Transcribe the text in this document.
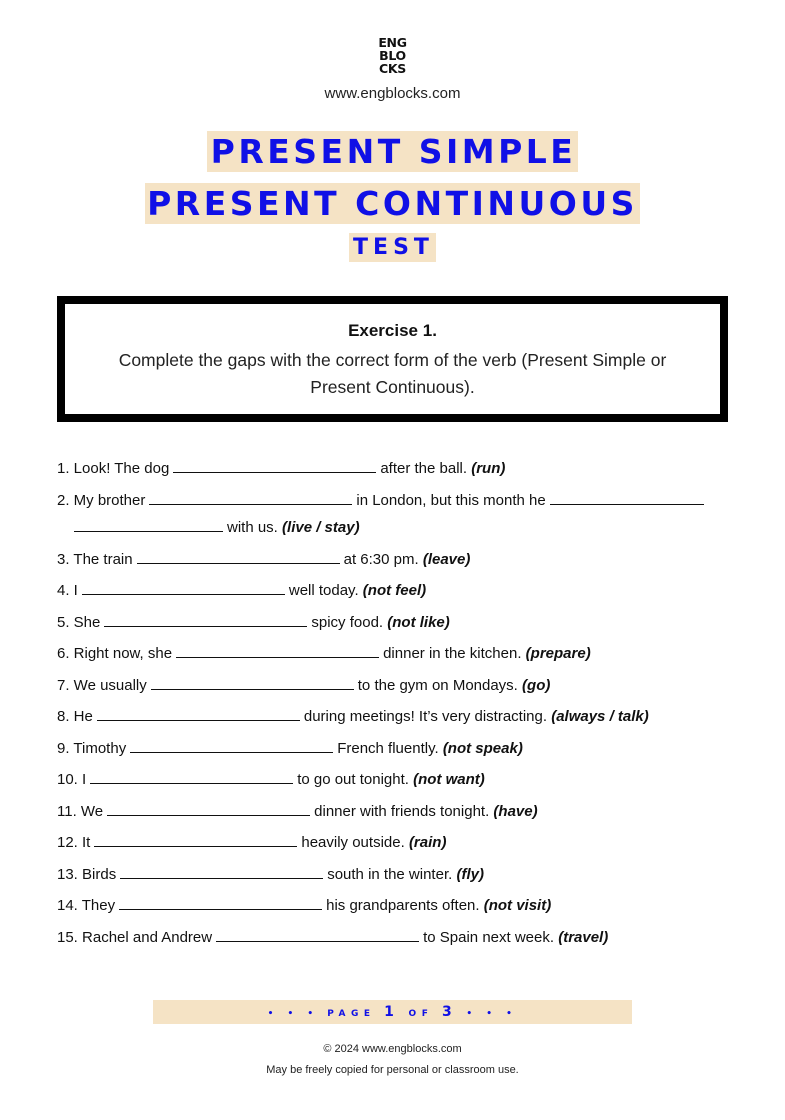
ENG
BLO
CKS
www.engblocks.com
PRESENT SIMPLE
PRESENT CONTINUOUS
TEST
Exercise 1.
Complete the gaps with the correct form of the verb (Present Simple or Present Continuous).
1. Look! The dog	after the ball. (run)
2. My brother	in London, but this month he
with us. (live / stay)
3. The train	at 6:30 pm. (leave)
4. I	well today. (not feel)
5. She	spicy food. (not like)
6. Right now, she	dinner in the kitchen. (prepare)
7. We usually	to the gym on Mondays. (go)
8. He	during meetings! It’s very distracting. (always / talk)
9. Timothy	French fluently. (not speak)
10. I	to go out tonight. (not want)
11. We	dinner with friends tonight. (have)
12. It	heavily outside. (rain)
13. Birds	south in the winter. (fly)
14. They	his grandparents often. (not visit)
15. Rachel and Andrew	to Spain next week. (travel)
• • • PAGE 1 OF 3 • • •
© 2024 www.engblocks.com
May be freely copied for personal or classroom use.
